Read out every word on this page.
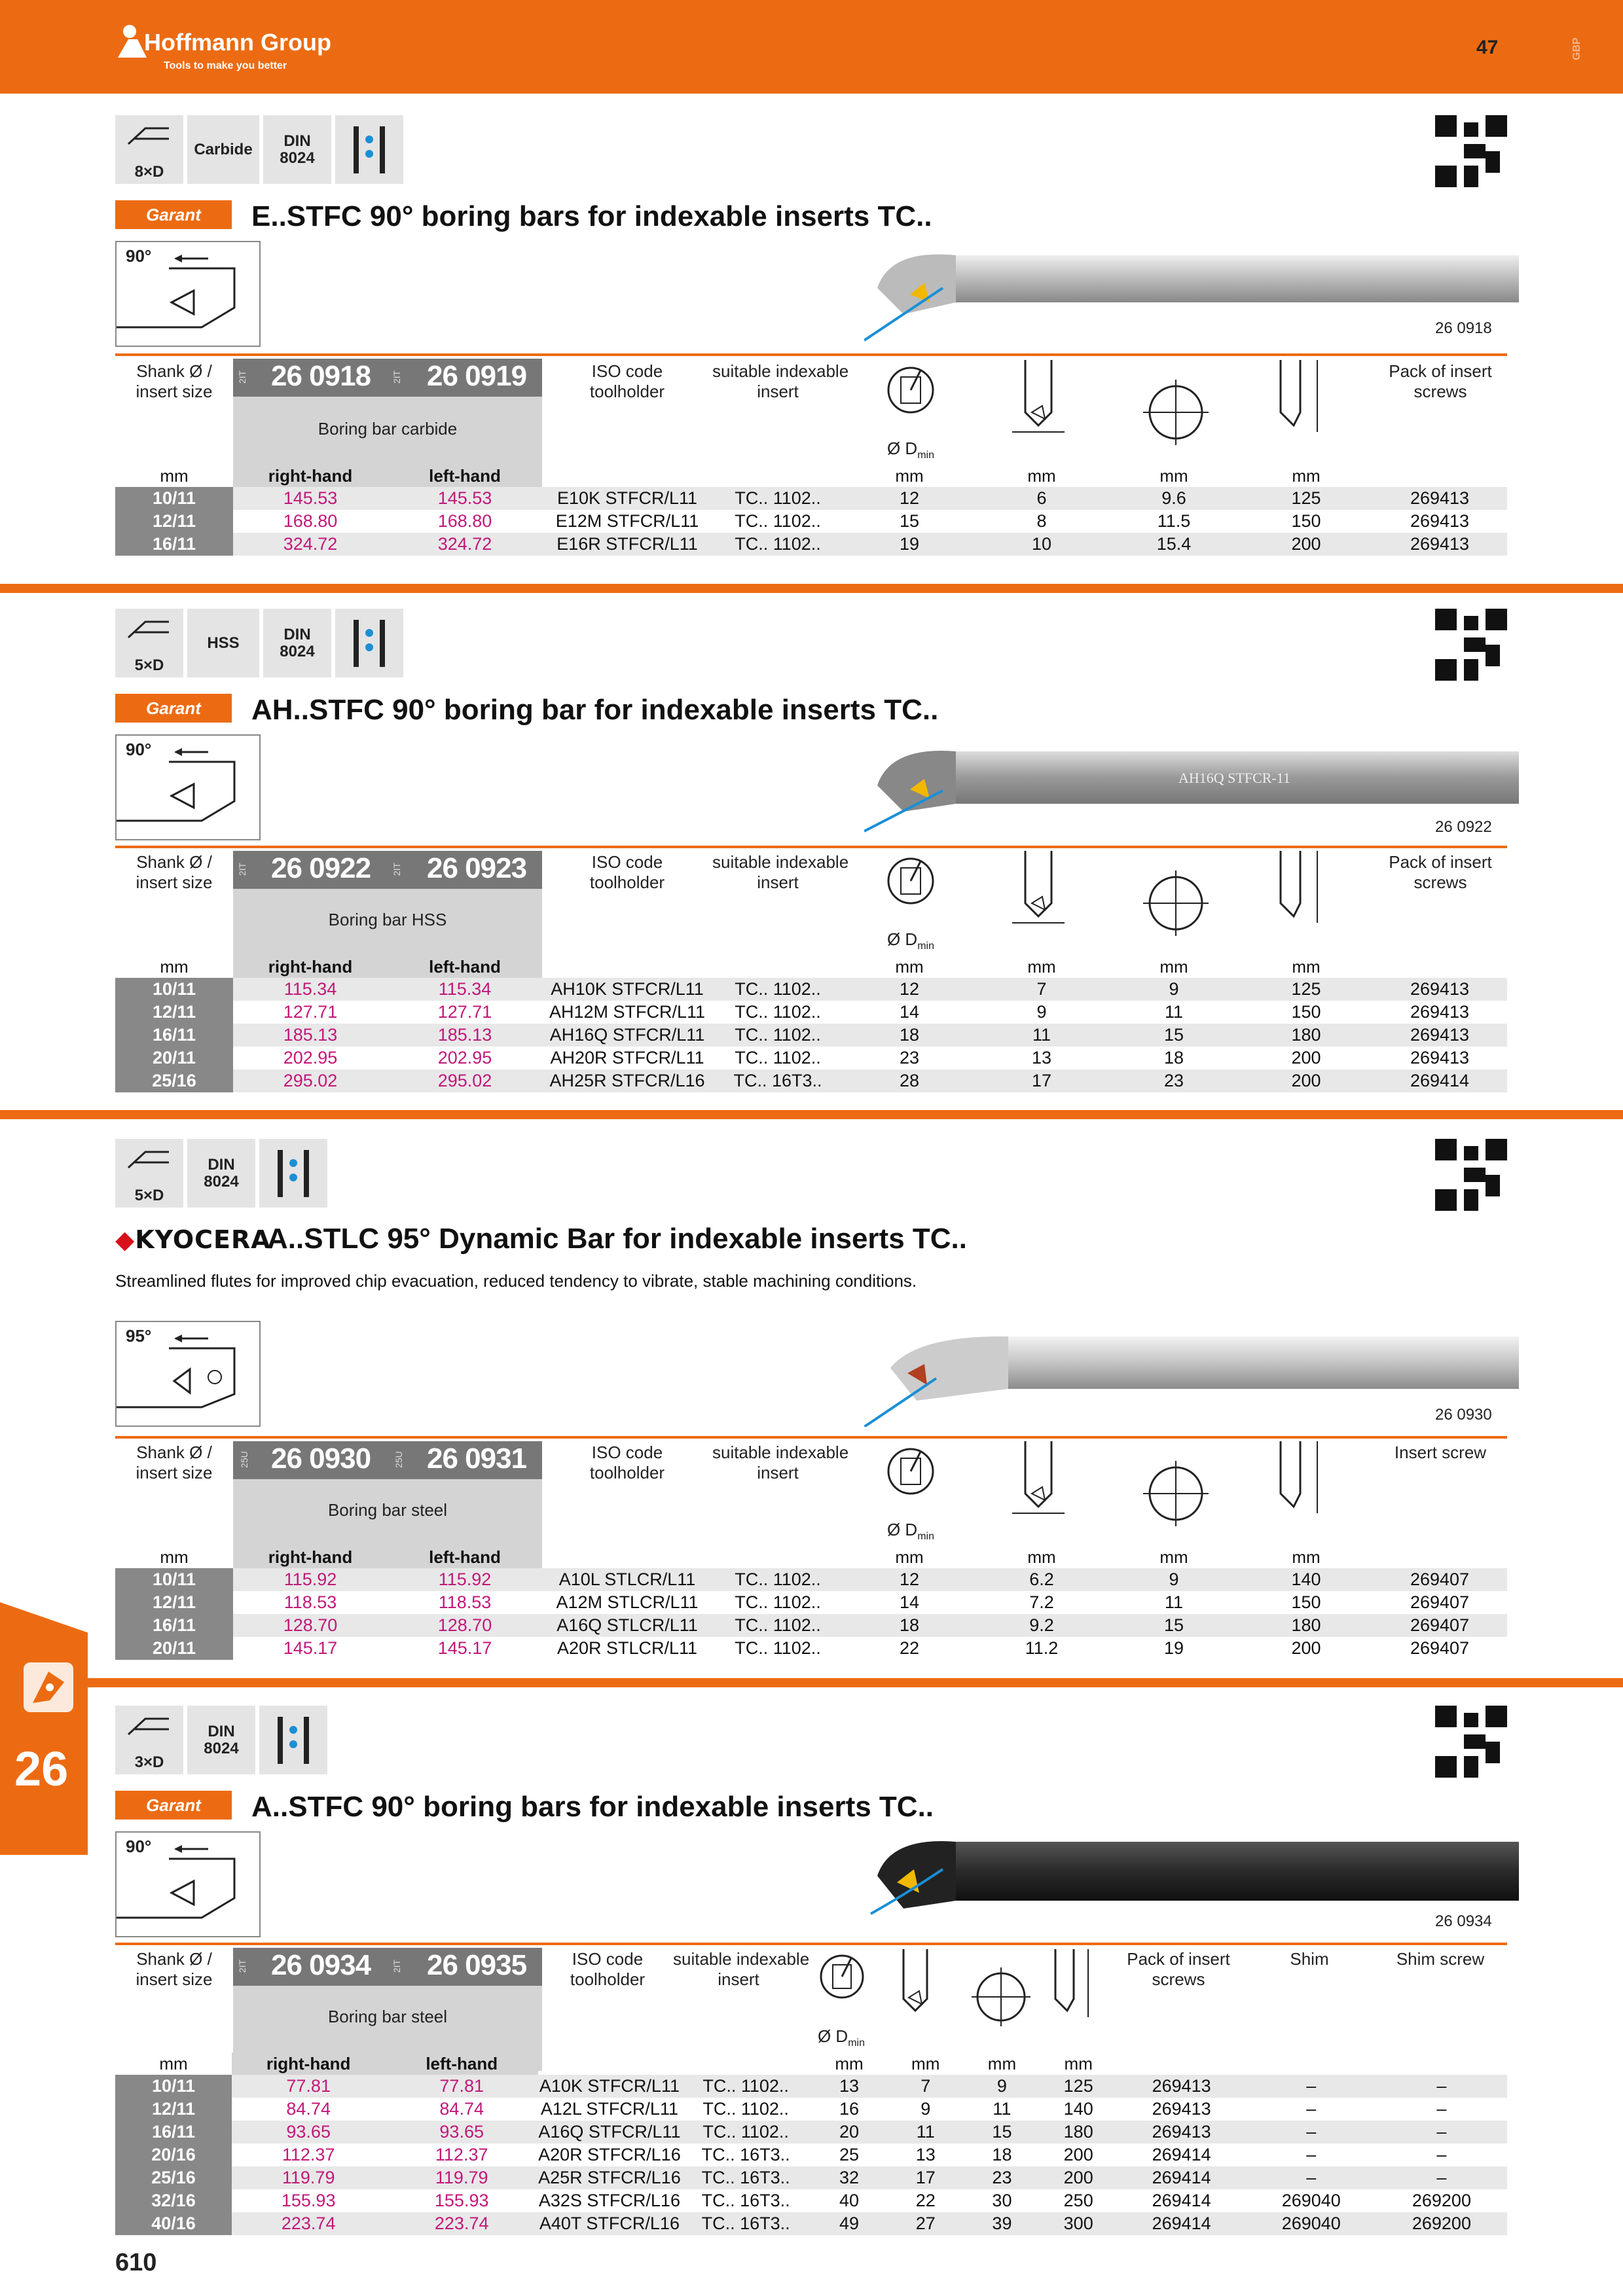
Hoffmann Group
Tools to make you better
47	GBP
26
8×D
Carbide	DIN
8024
Garant	E..STFC 90° boring bars for indexable inserts TC..
90°
26 0918
26 0918 26 0919
2IT	2IT
Shank Ø /
insert size
Boring bar carbide
ISO code
toolholder
suitable indexable
insert
Ø $D_{min}$
Pack of insert
screws
mm	right-hand	left-hand			mm	mm	mm	mm	
10/11	145.53	145.53	E10K STFCR/L11	TC.. 1102..	12	6	9.6	125	269413
12/11	168.80	168.80	E12M STFCR/L11	TC.. 1102..	15	8	11.5	150	269413
16/11	324.72	324.72	E16R STFCR/L11	TC.. 1102..	19	10	15.4	200	269413
5×D
HSS	DIN
8024
Garant	AH..STFC 90° boring bar for indexable inserts TC..
90°
AH16Q STFCR-11
26 0922
26 0922 26 0923
2IT	2IT
Shank Ø /
insert size
Boring bar HSS
ISO code
toolholder
suitable indexable
insert
Ø $D_{min}$
Pack of insert
screws
mm	right-hand	left-hand			mm	mm	mm	mm	
10/11	115.34	115.34	AH10K STFCR/L11	TC.. 1102..	12	7	9	125	269413
12/11	127.71	127.71	AH12M STFCR/L11	TC.. 1102..	14	9	11	150	269413
16/11	185.13	185.13	AH16Q STFCR/L11	TC.. 1102..	18	11	15	180	269413
20/11	202.95	202.95	AH20R STFCR/L11	TC.. 1102..	23	13	18	200	269413
25/16	295.02	295.02	AH25R STFCR/L16	TC.. 16T3..	28	17	23	200	269414
5×D
DIN
8024
◆KYOCERA
A..STLC 95° Dynamic Bar for indexable inserts TC..
Streamlined flutes for improved chip evacuation, reduced tendency to vibrate, stable machining conditions.
95°
26 0930
26 0930 26 0931
25U	25U
Shank Ø /
insert size
Boring bar steel
ISO code
toolholder
suitable indexable
insert
Ø $D_{min}$
Insert screw
mm	right-hand	left-hand			mm	mm	mm	mm	
10/11	115.92	115.92	A10L STLCR/L11	TC.. 1102..	12	6.2	9	140	269407
12/11	118.53	118.53	A12M STLCR/L11	TC.. 1102..	14	7.2	11	150	269407
16/11	128.70	128.70	A16Q STLCR/L11	TC.. 1102..	18	9.2	15	180	269407
20/11	145.17	145.17	A20R STLCR/L11	TC.. 1102..	22	11.2	19	200	269407
3×D
DIN
8024
Garant	A..STFC 90° boring bars for indexable inserts TC..
90°
26 0934
26 0934 26 0935
2IT	2IT
Shank Ø /
insert size
Boring bar steel
ISO code
toolholder
suitable indexable
insert
Ø $D_{min}$
Pack of insert
screws
Shim	Shim screw
mm	right-hand	left-hand			mm	mm	mm	mm			
10/11	77.81	77.81	A10K STFCR/L11	TC.. 1102..	13	7	9	125	269413	–	–
12/11	84.74	84.74	A12L STFCR/L11	TC.. 1102..	16	9	11	140	269413	–	–
16/11	93.65	93.65	A16Q STFCR/L11	TC.. 1102..	20	11	15	180	269413	–	–
20/16	112.37	112.37	A20R STFCR/L16	TC.. 16T3..	25	13	18	200	269414	–	–
25/16	119.79	119.79	A25R STFCR/L16	TC.. 16T3..	32	17	23	200	269414	–	–
32/16	155.93	155.93	A32S STFCR/L16	TC.. 16T3..	40	22	30	250	269414	269040	269200
40/16	223.74	223.74	A40T STFCR/L16	TC.. 16T3..	49	27	39	300	269414	269040	269200
610
